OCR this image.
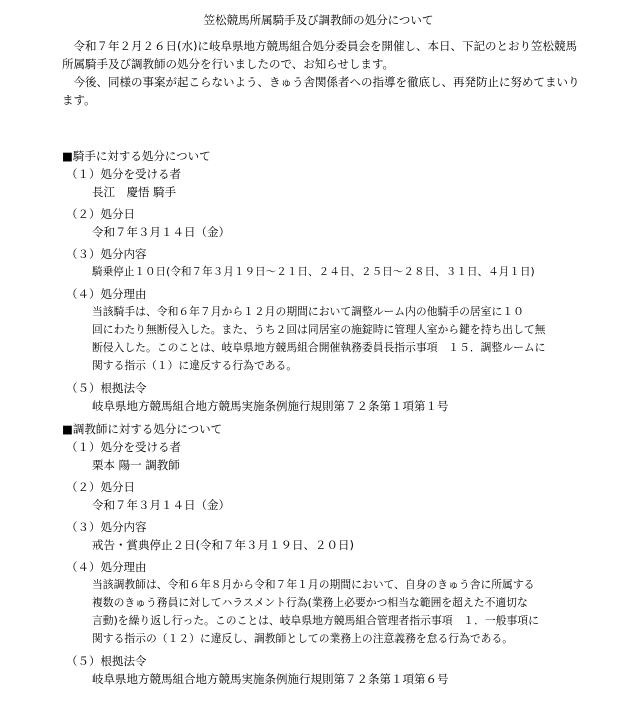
笠松競馬所属騎手及び調教師の処分について

令和７年２月２６日(水)に岐阜県地方競馬組合処分委員会を開催し、本日、下記のとおり笠松競馬所属騎手及び調教師の処分を行いましたので、お知らせします。

今後、同様の事案が起こらないよう、きゅう舎関係者への指導を徹底し、再発防止に努めてまいります。

■騎手に対する処分について
（１）処分を受ける者
長江　慶悟 騎手
（２）処分日
令和７年３月１４日（金）
（３）処分内容
騎乗停止１０日(令和７年３月１９日～２１日、２４日、２５日～２８日、３１日、４月１日)
（４）処分理由
当該騎手は、令和６年７月から１２月の期間において調整ルーム内の他騎手の居室に１０
回にわたり無断侵入した。また、うち２回は同居室の施錠時に管理人室から鍵を持ち出して無
断侵入した。このことは、岐阜県地方競馬組合開催執務委員長指示事項　１５．調整ルームに
関する指示（１）に違反する行為である。
（５）根拠法令
岐阜県地方競馬組合地方競馬実施条例施行規則第７２条第１項第１号
■調教師に対する処分について
（１）処分を受ける者
栗本 陽一 調教師
（２）処分日
令和７年３月１４日（金）
（３）処分内容
戒告・賞典停止２日(令和７年３月１９日、２０日)
（４）処分理由
当該調教師は、令和６年８月から令和７年１月の期間において、自身のきゅう舎に所属する
複数のきゅう務員に対してハラスメント行為(業務上必要かつ相当な範囲を超えた不適切な
言動)を繰り返し行った。このことは、岐阜県地方競馬組合管理者指示事項　１．一般事項に
関する指示の（１２）に違反し、調教師としての業務上の注意義務を怠る行為である。
（５）根拠法令
岐阜県地方競馬組合地方競馬実施条例施行規則第７２条第１項第６号
